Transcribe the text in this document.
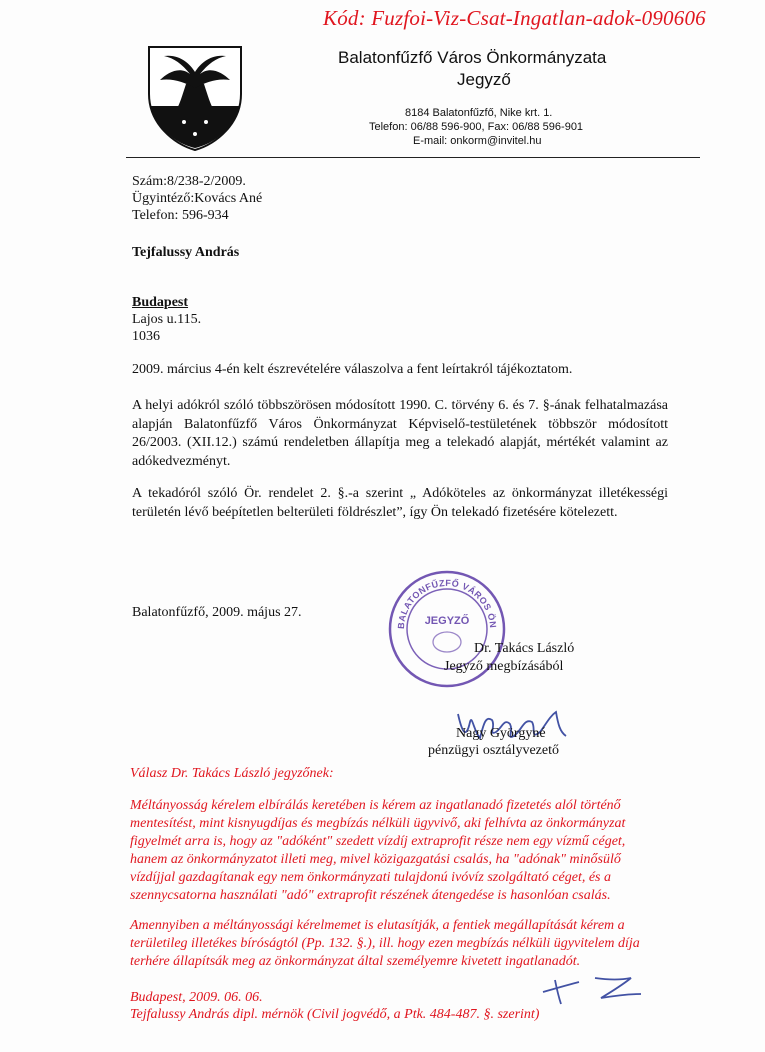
Kód: Fuzfoi-Viz-Csat-Ingatlan-adok-090606
Balatonfűzfő Város Önkormányzata
Jegyző
8184 Balatonfűzfő, Nike krt. 1.
Telefon: 06/88 596-900, Fax: 06/88 596-901
E-mail: onkorm@invitel.hu
Szám:8/238-2/2009.
Ügyintéző:Kovács Ané
Telefon: 596-934
Tejfalussy András
Budapest
Lajos u.115.
1036
2009. március 4-én kelt észrevételére válaszolva a fent leírtakról tájékoztatom.
A helyi adókról szóló többszörösen módosított 1990. C. törvény 6. és 7. §-ának felhatalmazása alapján Balatonfűzfő Város Önkormányzat Képviselő-testületének többször módosított 26/2003. (XII.12.) számú rendeletben állapítja meg a telekadó alapját, mértékét valamint az adókedvezményt.
A tekadóról szóló Ör. rendelet 2. §.-a szerint „ Adóköteles az önkormányzat illetékességi területén lévő beépítetlen belterületi földrészlet”, így Ön telekadó fizetésére kötelezett.
Balatonfűzfő, 2009. május 27.
BALATONFŰZFŐ VÁROS ÖN
JEGYZŐ
Dr. Takács László
Jegyző megbízásából
Nagy Györgyné
pénzügyi osztályvezető
Válasz Dr. Takács László jegyzőnek:
Méltányosság kérelem elbírálás keretében is kérem az ingatlanadó fizetetés alól történő mentesítést, mint kisnyugdíjas és megbízás nélküli ügyvivő, aki felhívta az önkormányzat figyelmét arra is, hogy az "adóként" szedett vízdíj extraprofit része nem egy vízmű céget, hanem az önkormányzatot illeti meg, mivel közigazgatási csalás, ha "adónak" minősülő vízdíjjal gazdagítanak egy nem önkormányzati tulajdonú ivóvíz szolgáltató céget, és a szennycsatorna használati "adó" extraprofit részének átengedése is hasonlóan csalás.
Amennyiben a méltányossági kérelmemet is elutasítják, a fentiek megállapítását kérem a területileg illetékes bíróságtól (Pp. 132. §.), ill. hogy ezen megbízás nélküli ügyvitelem díja terhére állapítsák meg az önkormányzat által személyemre kivetett ingatlanadót.
Budapest, 2009. 06. 06.
Tejfalussy András dipl. mérnök (Civil jogvédő, a Ptk. 484-487. §. szerint)
